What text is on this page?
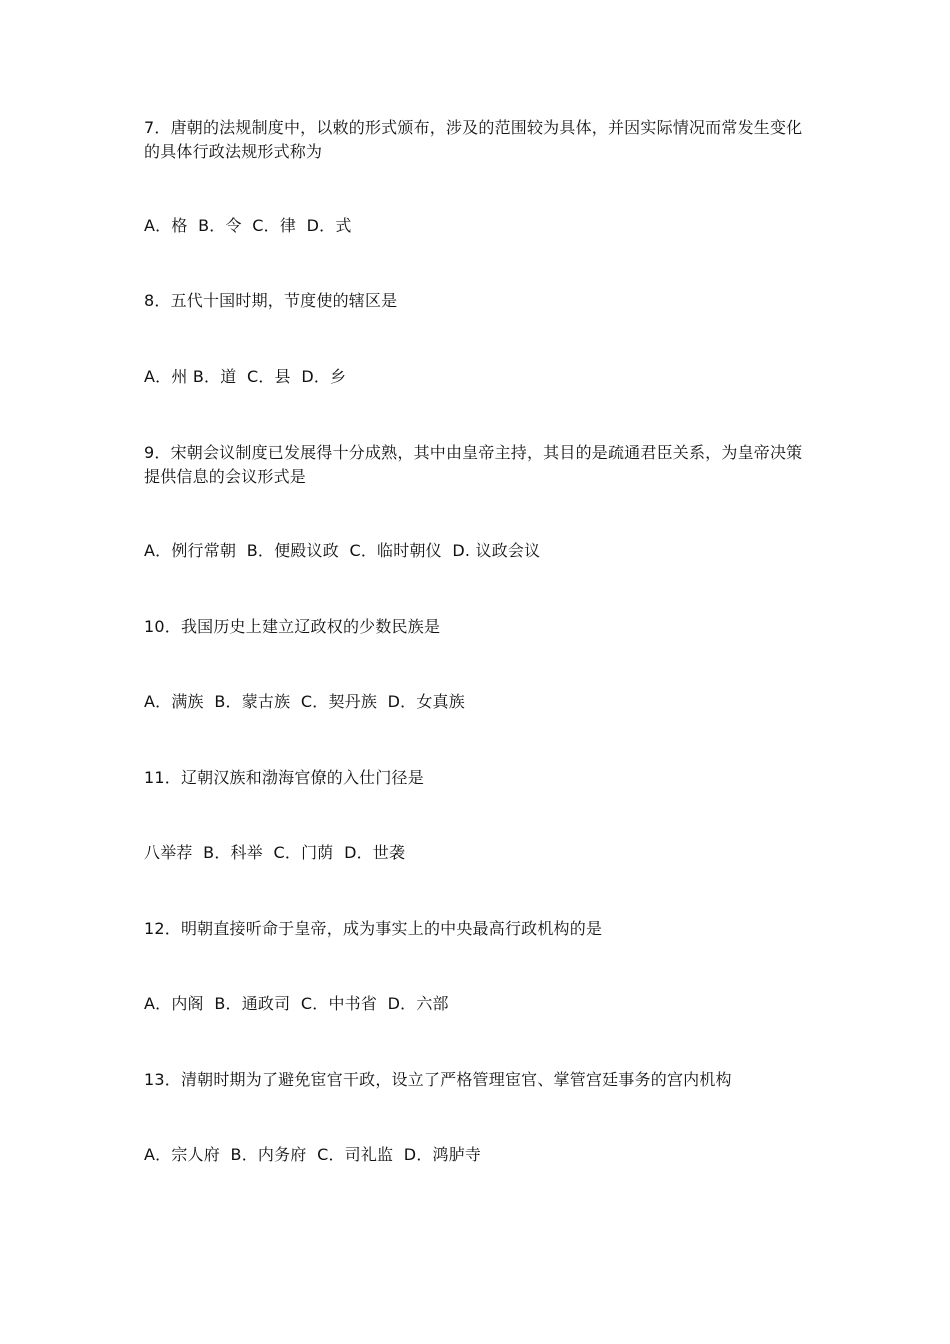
7．唐朝的法规制度中，以敕的形式颁布，涉及的范围较为具体，并因实际情况而常发生变化的具体行政法规形式称为
A．格  B．令  C．律  D．式
8．五代十国时期，节度使的辖区是
A．州 B．道  C．县  D．乡
9．宋朝会议制度已发展得十分成熟，其中由皇帝主持，其目的是疏通君臣关系，为皇帝决策提供信息的会议形式是
A．例行常朝  B．便殿议政  C．临时朝仪  D. 议政会议
10．我国历史上建立辽政权的少数民族是
A．满族  B．蒙古族  C．契丹族  D．女真族
11．辽朝汉族和渤海官僚的入仕门径是
八举荐  B．科举  C．门荫  D．世袭
12．明朝直接听命于皇帝，成为事实上的中央最高行政机构的是
A．内阁  B．通政司  C．中书省  D．六部
13．清朝时期为了避免宦官干政，设立了严格管理宦官、掌管宫廷事务的宫内机构
A．宗人府  B．内务府  C．司礼监  D．鸿胪寺
